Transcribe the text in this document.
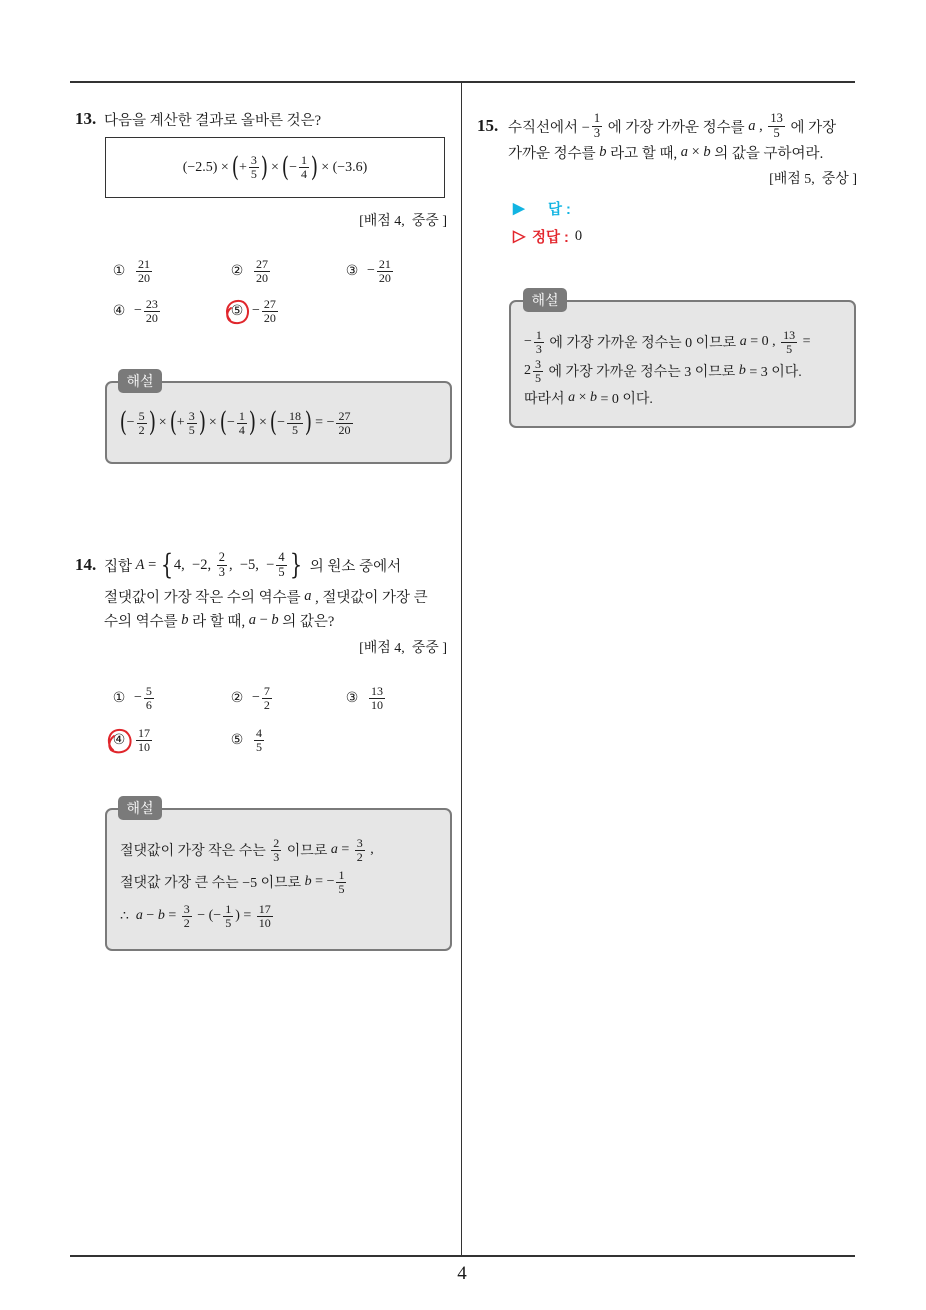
4
13. 다음을 계산한 결과로 올바른 것은?
(−2.5) × ( + $\frac{3}{5}$ ) × ( − $\frac{1}{4}$ ) × (−3.6)
[배점 4,  중중 ]
① $\frac{21}{20}$	② $\frac{27}{20}$	③ − $\frac{21}{20}$
④ − $\frac{23}{20}$	⑤ − $\frac{27}{20}$
( − $\frac{5}{2}$ ) × ( + $\frac{3}{5}$ ) × ( − $\frac{1}{4}$ ) × ( − $\frac{18}{5}$ ) = − $\frac{27}{20}$
해설
14. 집합 A = { 4,  −2, $\frac{2}{3}$ ,  −5,  − $\frac{4}{5}$ } 의 원소 중에서
절댓값이 가장 작은 수의 역수를 a , 절댓값이 가장 큰
수의 역수를 b 라 할 때, a − b 의 값은?
[배점 4,  중중 ]
① − $\frac{5}{6}$	② − $\frac{7}{2}$	③ $\frac{13}{10}$
④ $\frac{17}{10}$	⑤ $\frac{4}{5}$
절댓값이 가장 작은 수는 $\frac{2}{3}$ 이므로 $a = \frac{3}{2}$ ,
절댓값 가장 큰 수는 −5 이므로 b = − $\frac{1}{5}$
∴ $a - b = \frac{3}{2}$ − (− $\frac{1}{5}$ ) = $\frac{17}{10}$
해설
15. 수직선에서 − $\frac{1}{3}$ 에 가장 가까운 정수를 a , $\frac{13}{5}$ 에 가장
가까운 정수를 b 라고 할 때, a × b 의 값을 구하여라.
[배점 5,  중상 ]
▶	답 :
▷ 정답 : 0
− $\frac{1}{3}$ 에 가장 가까운 정수는 0 이므로 a = 0 , $\frac{13}{5}$ =
$2 \frac{3}{5}$ 에 가장 가까운 정수는 3 이므로 b = 3 이다.
따라서 a × b = 0 이다.
해설
